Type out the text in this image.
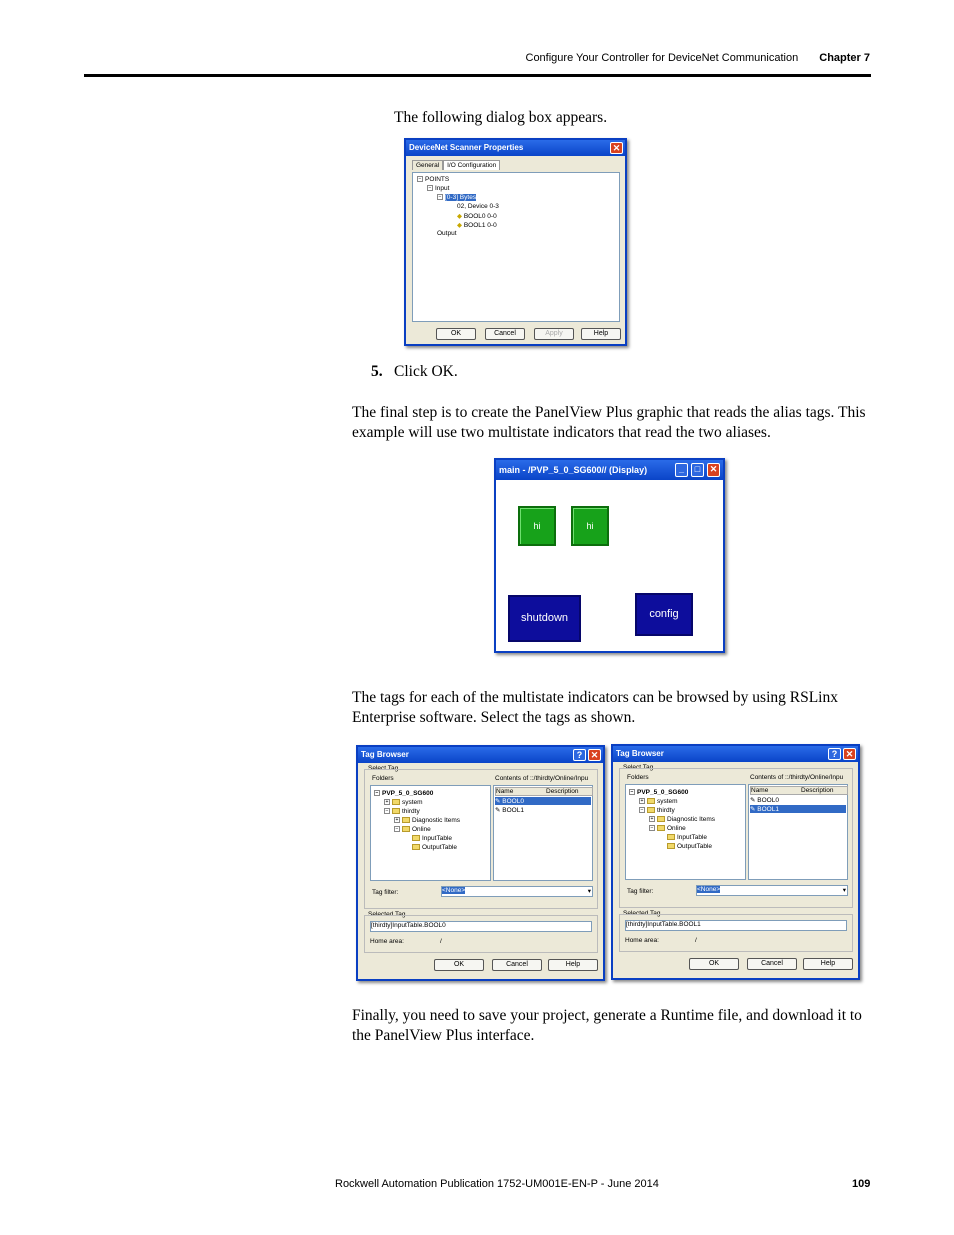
Configure Your Controller for DeviceNet Communication Chapter 7
The following dialog box appears.
DeviceNet Scanner Properties	✕
General I/O Configuration
− POINTS
− Input
− [0-3] Bytes
02, Device 0-3
◆ BOOL0 0-0
◆ BOOL1 0-0
Output
OK	Cancel	Apply	Help
5. Click OK.
The final step is to create the PanelView Plus graphic that reads the alias tags. This example will use two multistate indicators that read the two aliases.
main - /PVP_5_0_SG600// (Display)	_	□	✕
hi	hi
shutdown	config
The tags for each of the multistate indicators can be browsed by using RSLinx Enterprise software. Select the tags as shown.
Tag Browser	? ✕
Select Tag
Folders	Contents of ::/thirdty/Online/Inpu
− PVP_5_0_SG600
+ system
− thirdty
+ Diagnostic Items
− Online
InputTable
OutputTable
Name	Description
✎ BOOL0
✎ BOOL1
Tag filter:	<None>	▾
Selected Tag
[thirdty]InputTable.BOOL0
Home area:	/
OK	Cancel	Help
Tag Browser	? ✕
Select Tag
Folders	Contents of ::/thirdty/Online/Inpu
− PVP_5_0_SG600
+ system
− thirdty
+ Diagnostic Items
− Online
InputTable
OutputTable
Name	Description
✎ BOOL0
✎ BOOL1
Tag filter:	<None>	▾
Selected Tag
[thirdty]InputTable.BOOL1
Home area:	/
OK	Cancel	Help
Finally, you need to save your project, generate a Runtime file, and download it to the PanelView Plus interface.
Rockwell Automation Publication 1752-UM001E-EN-P - June 2014	109
